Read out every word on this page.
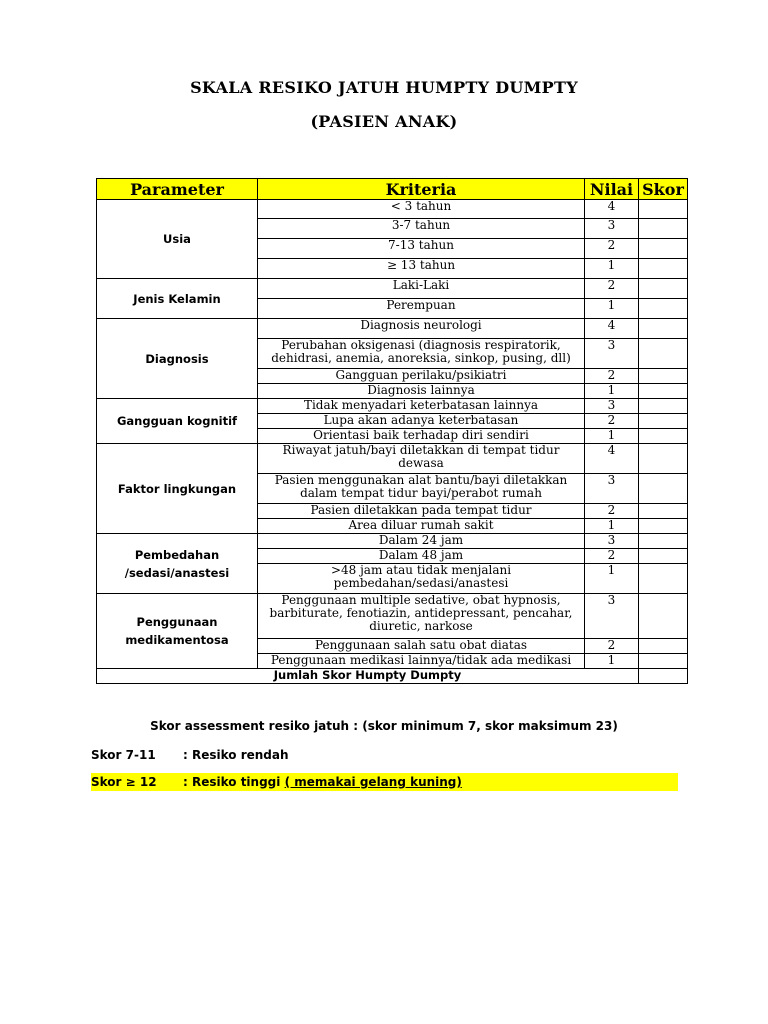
SKALA RESIKO JATUH HUMPTY DUMPTY
(PASIEN ANAK)
Parameter	Kriteria	Nilai	Skor
Usia	< 3 tahun	4	
	3-7 tahun	3	
	7-13 tahun	2	
	≥ 13 tahun	1	
Jenis Kelamin	Laki-Laki	2	
	Perempuan	1	
Diagnosis	Diagnosis neurologi	4	
	Perubahan oksigenasi (diagnosis respiratorik, dehidrasi, anemia, anoreksia, sinkop, pusing, dll)	3	
	Gangguan perilaku/psikiatri	2	
	Diagnosis lainnya	1	
Gangguan kognitif	Tidak menyadari keterbatasan lainnya	3	
	Lupa akan adanya keterbatasan	2	
	Orientasi baik terhadap diri sendiri	1	
Faktor lingkungan	Riwayat jatuh/bayi diletakkan di tempat tidur dewasa	4	
	Pasien menggunakan alat bantu/bayi diletakkan dalam tempat tidur bayi/perabot rumah	3	
	Pasien diletakkan pada tempat tidur	2	
	Area diluar rumah sakit	1	
Pembedahan /sedasi/anastesi	Dalam 24 jam	3	
	Dalam 48 jam	2	
	>48 jam atau tidak menjalani pembedahan/sedasi/anastesi	1	
Penggunaan medikamentosa	Penggunaan multiple sedative, obat hypnosis, barbiturate, fenotiazin, antidepressant, pencahar, diuretic, narkose	3	
	Penggunaan salah satu obat diatas	2	
	Penggunaan medikasi lainnya/tidak ada medikasi	1	
Jumlah Skor Humpty Dumpty			
Skor assessment resiko jatuh : (skor minimum 7, skor maksimum 23)
Skor 7-11 : Resiko rendah
Skor ≥ 12 : Resiko tinggi ( memakai gelang kuning)
